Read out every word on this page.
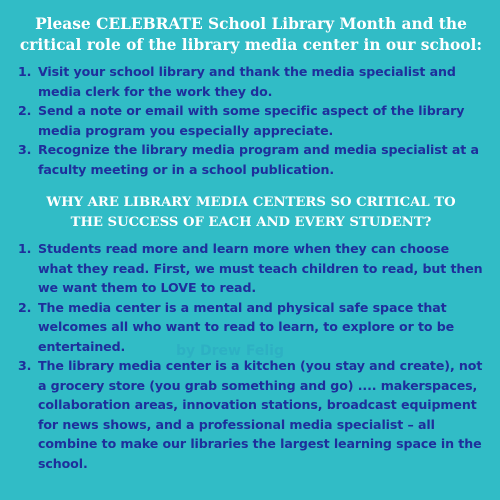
Please CELEBRATE School Library Month and the
critical role of the library media center in our school:
1. Visit your school library and thank the media specialist and media clerk for the work they do.
2. Send a note or email with some specific aspect of the library media program you especially appreciate.
3. Recognize the library media program and media specialist at a faculty meeting or in a school publication.
WHY ARE LIBRARY MEDIA CENTERS SO CRITICAL TO
THE SUCCESS OF EACH AND EVERY STUDENT?
1. Students read more and learn more when they can choose what they read. First, we must teach children to read, but then we want them to LOVE to read.
2. The media center is a mental and physical safe space that welcomes all who want to read to learn, to explore or to be entertained.
3. The library media center is a kitchen (you stay and create), not a grocery store (you grab something and go) .... makerspaces, collaboration areas, innovation stations, broadcast equipment for news shows, and a professional media specialist – all combine to make our libraries the largest learning space in the school.
by Drew Felig
